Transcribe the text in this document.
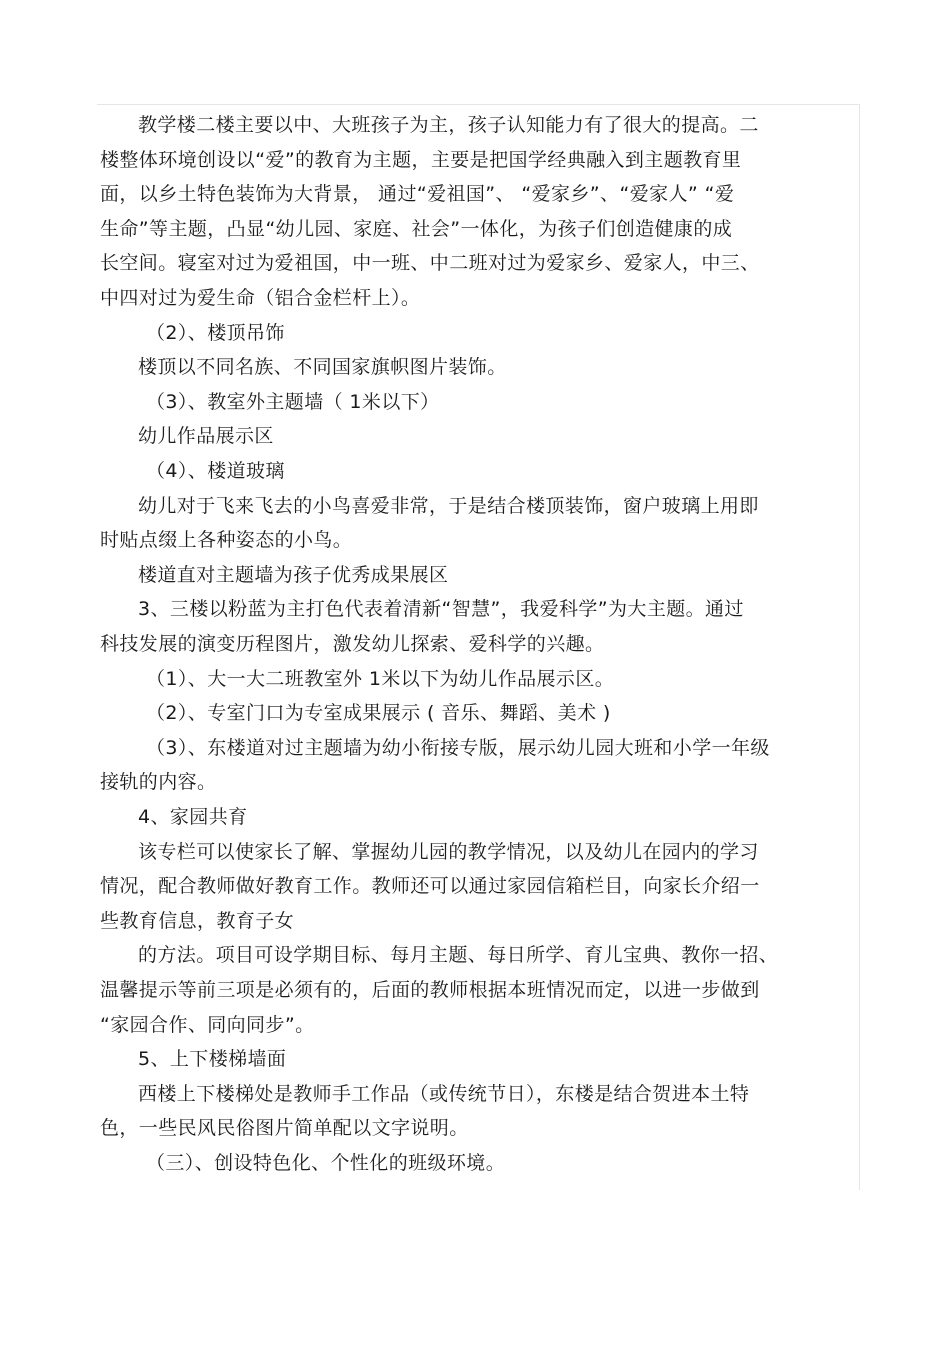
教学楼二楼主要以中、大班孩子为主，孩子认知能力有了很大的提高。二
楼整体环境创设以“爱”的教育为主题，主要是把国学经典融入到主题教育里
面，以乡土特色装饰为大背景， 通过“爱祖国”、 “爱家乡”、“爱家人” “爱
生命”等主题，凸显“幼儿园、家庭、社会”一体化，为孩子们创造健康的成
长空间。寝室对过为爱祖国，中一班、中二班对过为爱家乡、爱家人，中三、
中四对过为爱生命（铝合金栏杆上）。
（2）、楼顶吊饰
楼顶以不同名族、不同国家旗帜图片装饰。
（3）、教室外主题墙（ 1米以下）
幼儿作品展示区
（4）、楼道玻璃
幼儿对于飞来飞去的小鸟喜爱非常，于是结合楼顶装饰，窗户玻璃上用即
时贴点缀上各种姿态的小鸟。
楼道直对主题墙为孩子优秀成果展区
3、三楼以粉蓝为主打色代表着清新“智慧”，我爱科学”为大主题。通过
科技发展的演变历程图片，激发幼儿探索、爱科学的兴趣。
（1）、大一大二班教室外 1米以下为幼儿作品展示区。
（2）、专室门口为专室成果展示 ( 音乐、舞蹈、美术 )
（3）、东楼道对过主题墙为幼小衔接专版，展示幼儿园大班和小学一年级
接轨的内容。
4、家园共育
该专栏可以使家长了解、掌握幼儿园的教学情况，以及幼儿在园内的学习
情况，配合教师做好教育工作。教师还可以通过家园信箱栏目，向家长介绍一
些教育信息，教育子女
的方法。项目可设学期目标、每月主题、每日所学、育儿宝典、教你一招、
温馨提示等前三项是必须有的，后面的教师根据本班情况而定，以进一步做到
“家园合作、同向同步”。
5、上下楼梯墙面
西楼上下楼梯处是教师手工作品（或传统节日），东楼是结合贺进本土特
色，一些民风民俗图片简单配以文字说明。
（三）、创设特色化、个性化的班级环境。
